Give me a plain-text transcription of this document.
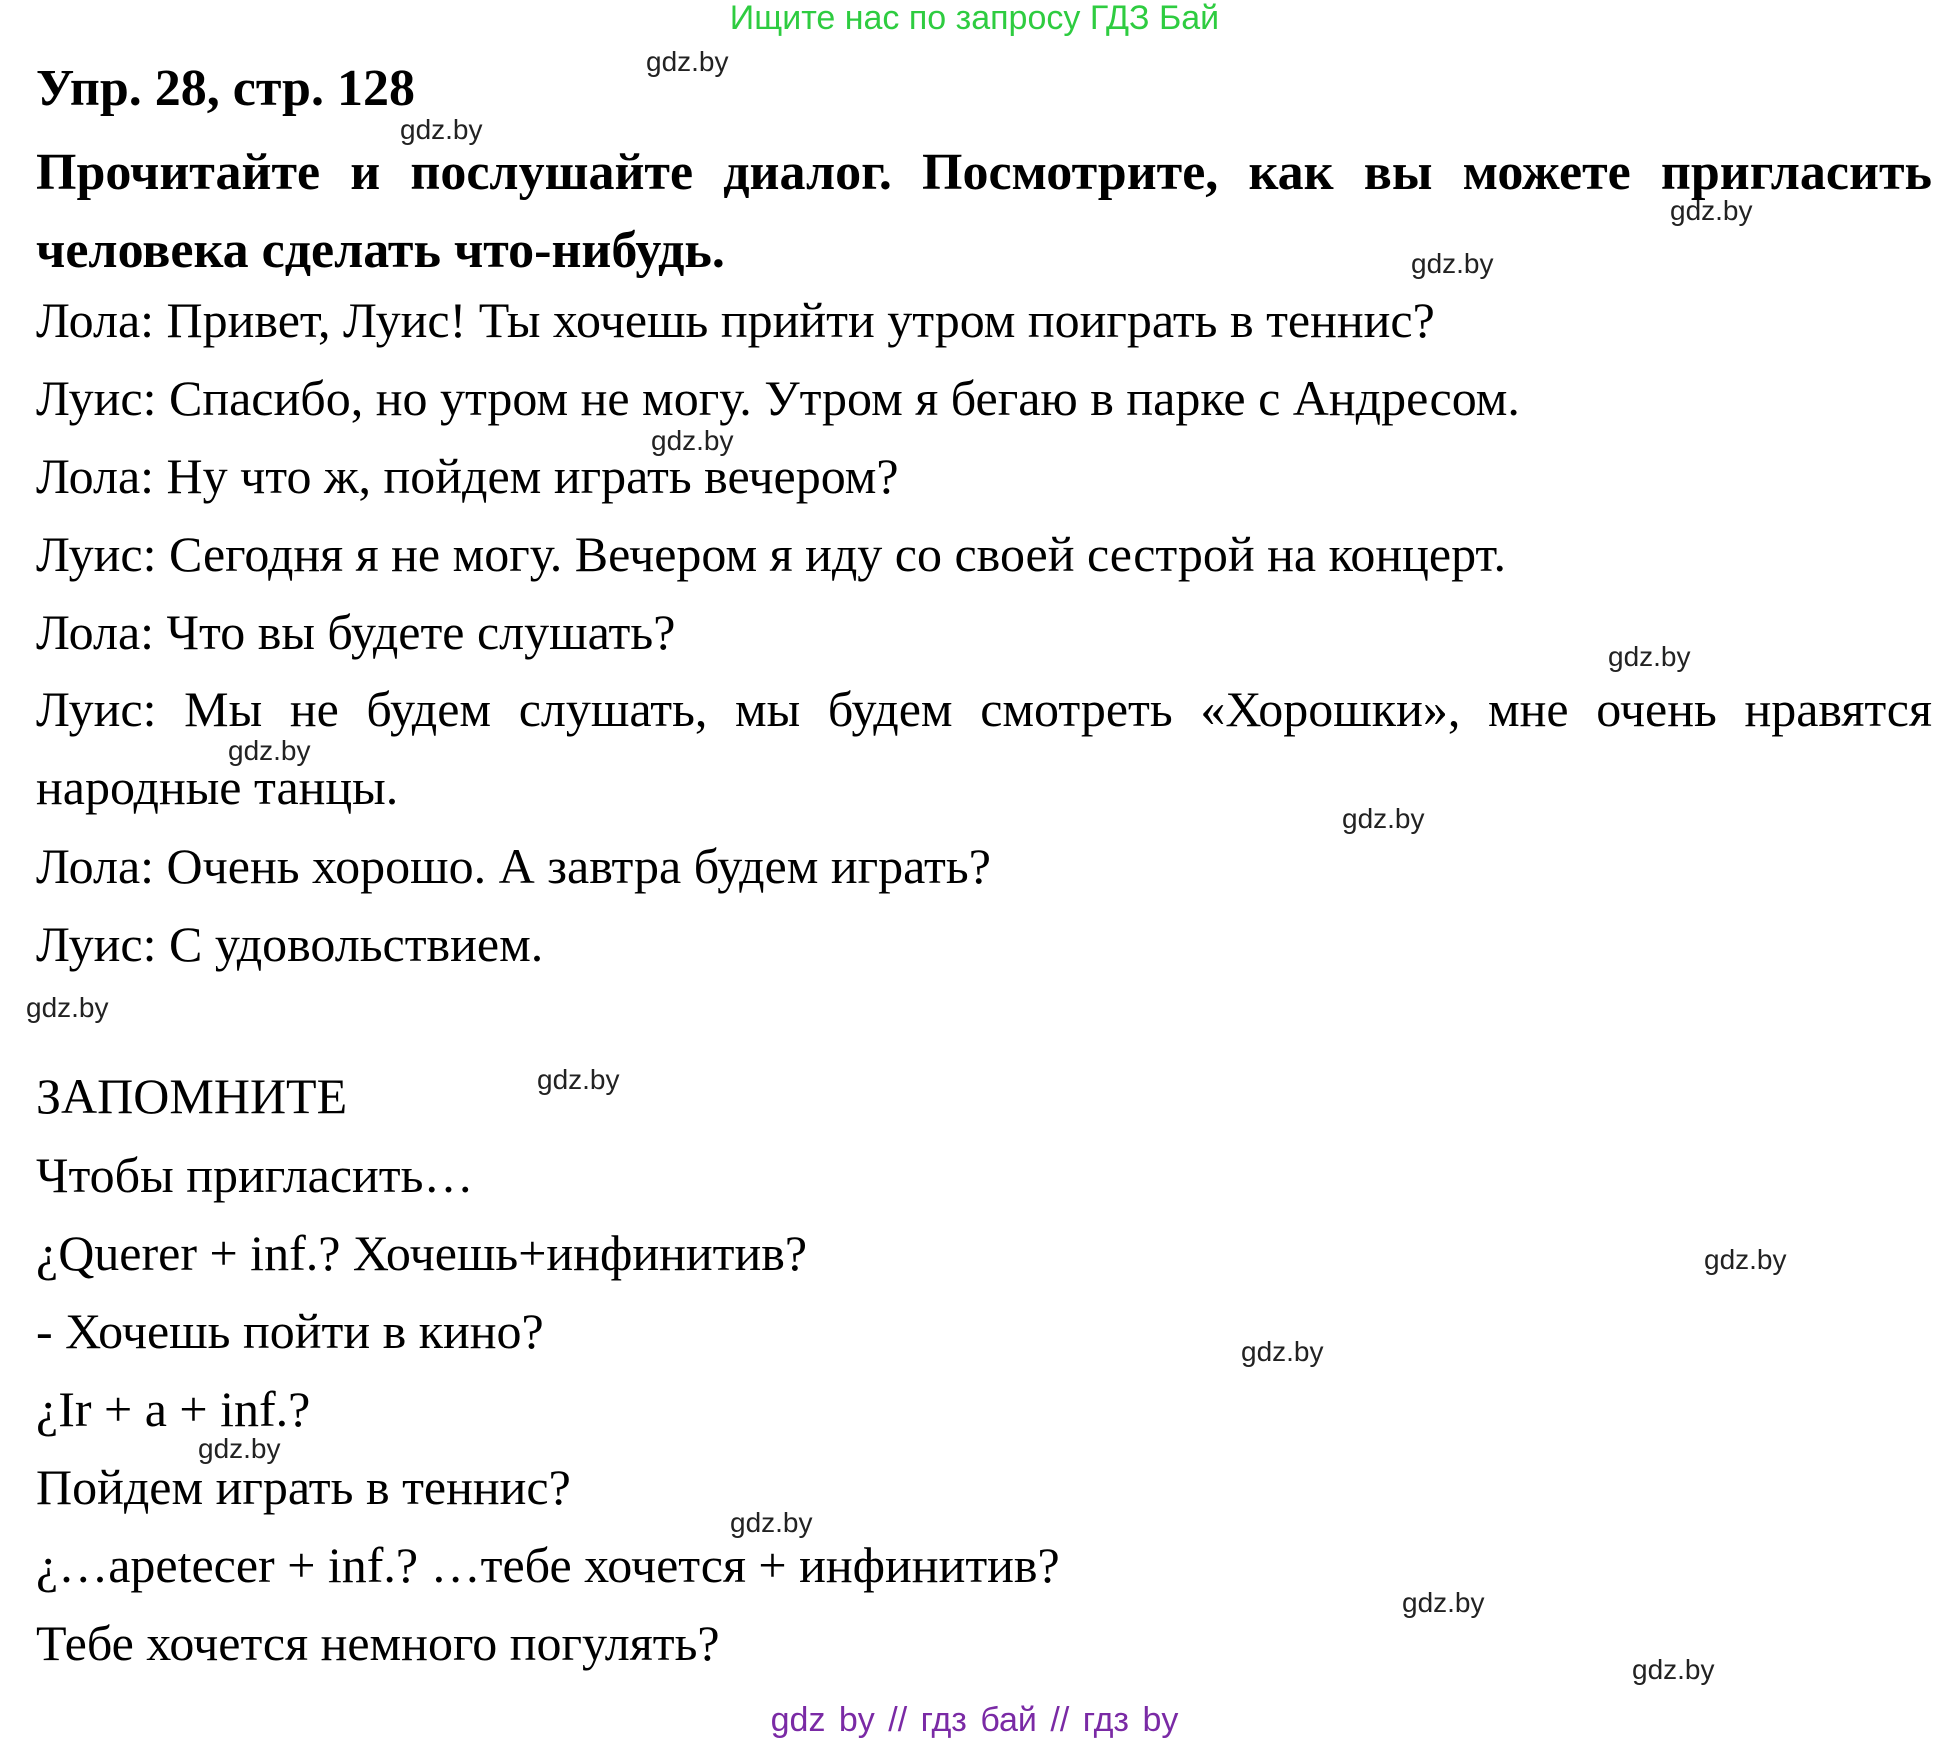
Ищите нас по запросу ГДЗ Бай
Упр. 28, стр. 128
Прочитайте и послушайте диалог. Посмотрите, как вы можете пригласить человека сделать что-нибудь.
Лола: Привет, Луис! Ты хочешь прийти утром поиграть в теннис?
Луис: Спасибо, но утром не могу. Утром я бегаю в парке с Андресом.
Лола: Ну что ж, пойдем играть вечером?
Луис: Сегодня я не могу. Вечером я иду со своей сестрой на концерт.
Лола: Что вы будете слушать?
Луис: Мы не будем слушать, мы будем смотреть «Хорошки», мне очень нравятся народные танцы.
Лола: Очень хорошо. А завтра будем играть?
Луис: С удовольствием.
ЗАПОМНИТЕ
Чтобы пригласить…
¿Querer + inf.? Хочешь+инфинитив?
- Хочешь пойти в кино?
¿Ir + a + inf.?
Пойдем играть в теннис?
¿…apetecer + inf.? …тебе хочется + инфинитив?
Тебе хочется немного погулять?
gdz.by
gdz.by
gdz.by
gdz.by
gdz.by
gdz.by
gdz.by
gdz.by
gdz.by
gdz.by
gdz.by
gdz.by
gdz.by
gdz.by
gdz.by
gdz.by
gdz by // гдз бай // гдз by
